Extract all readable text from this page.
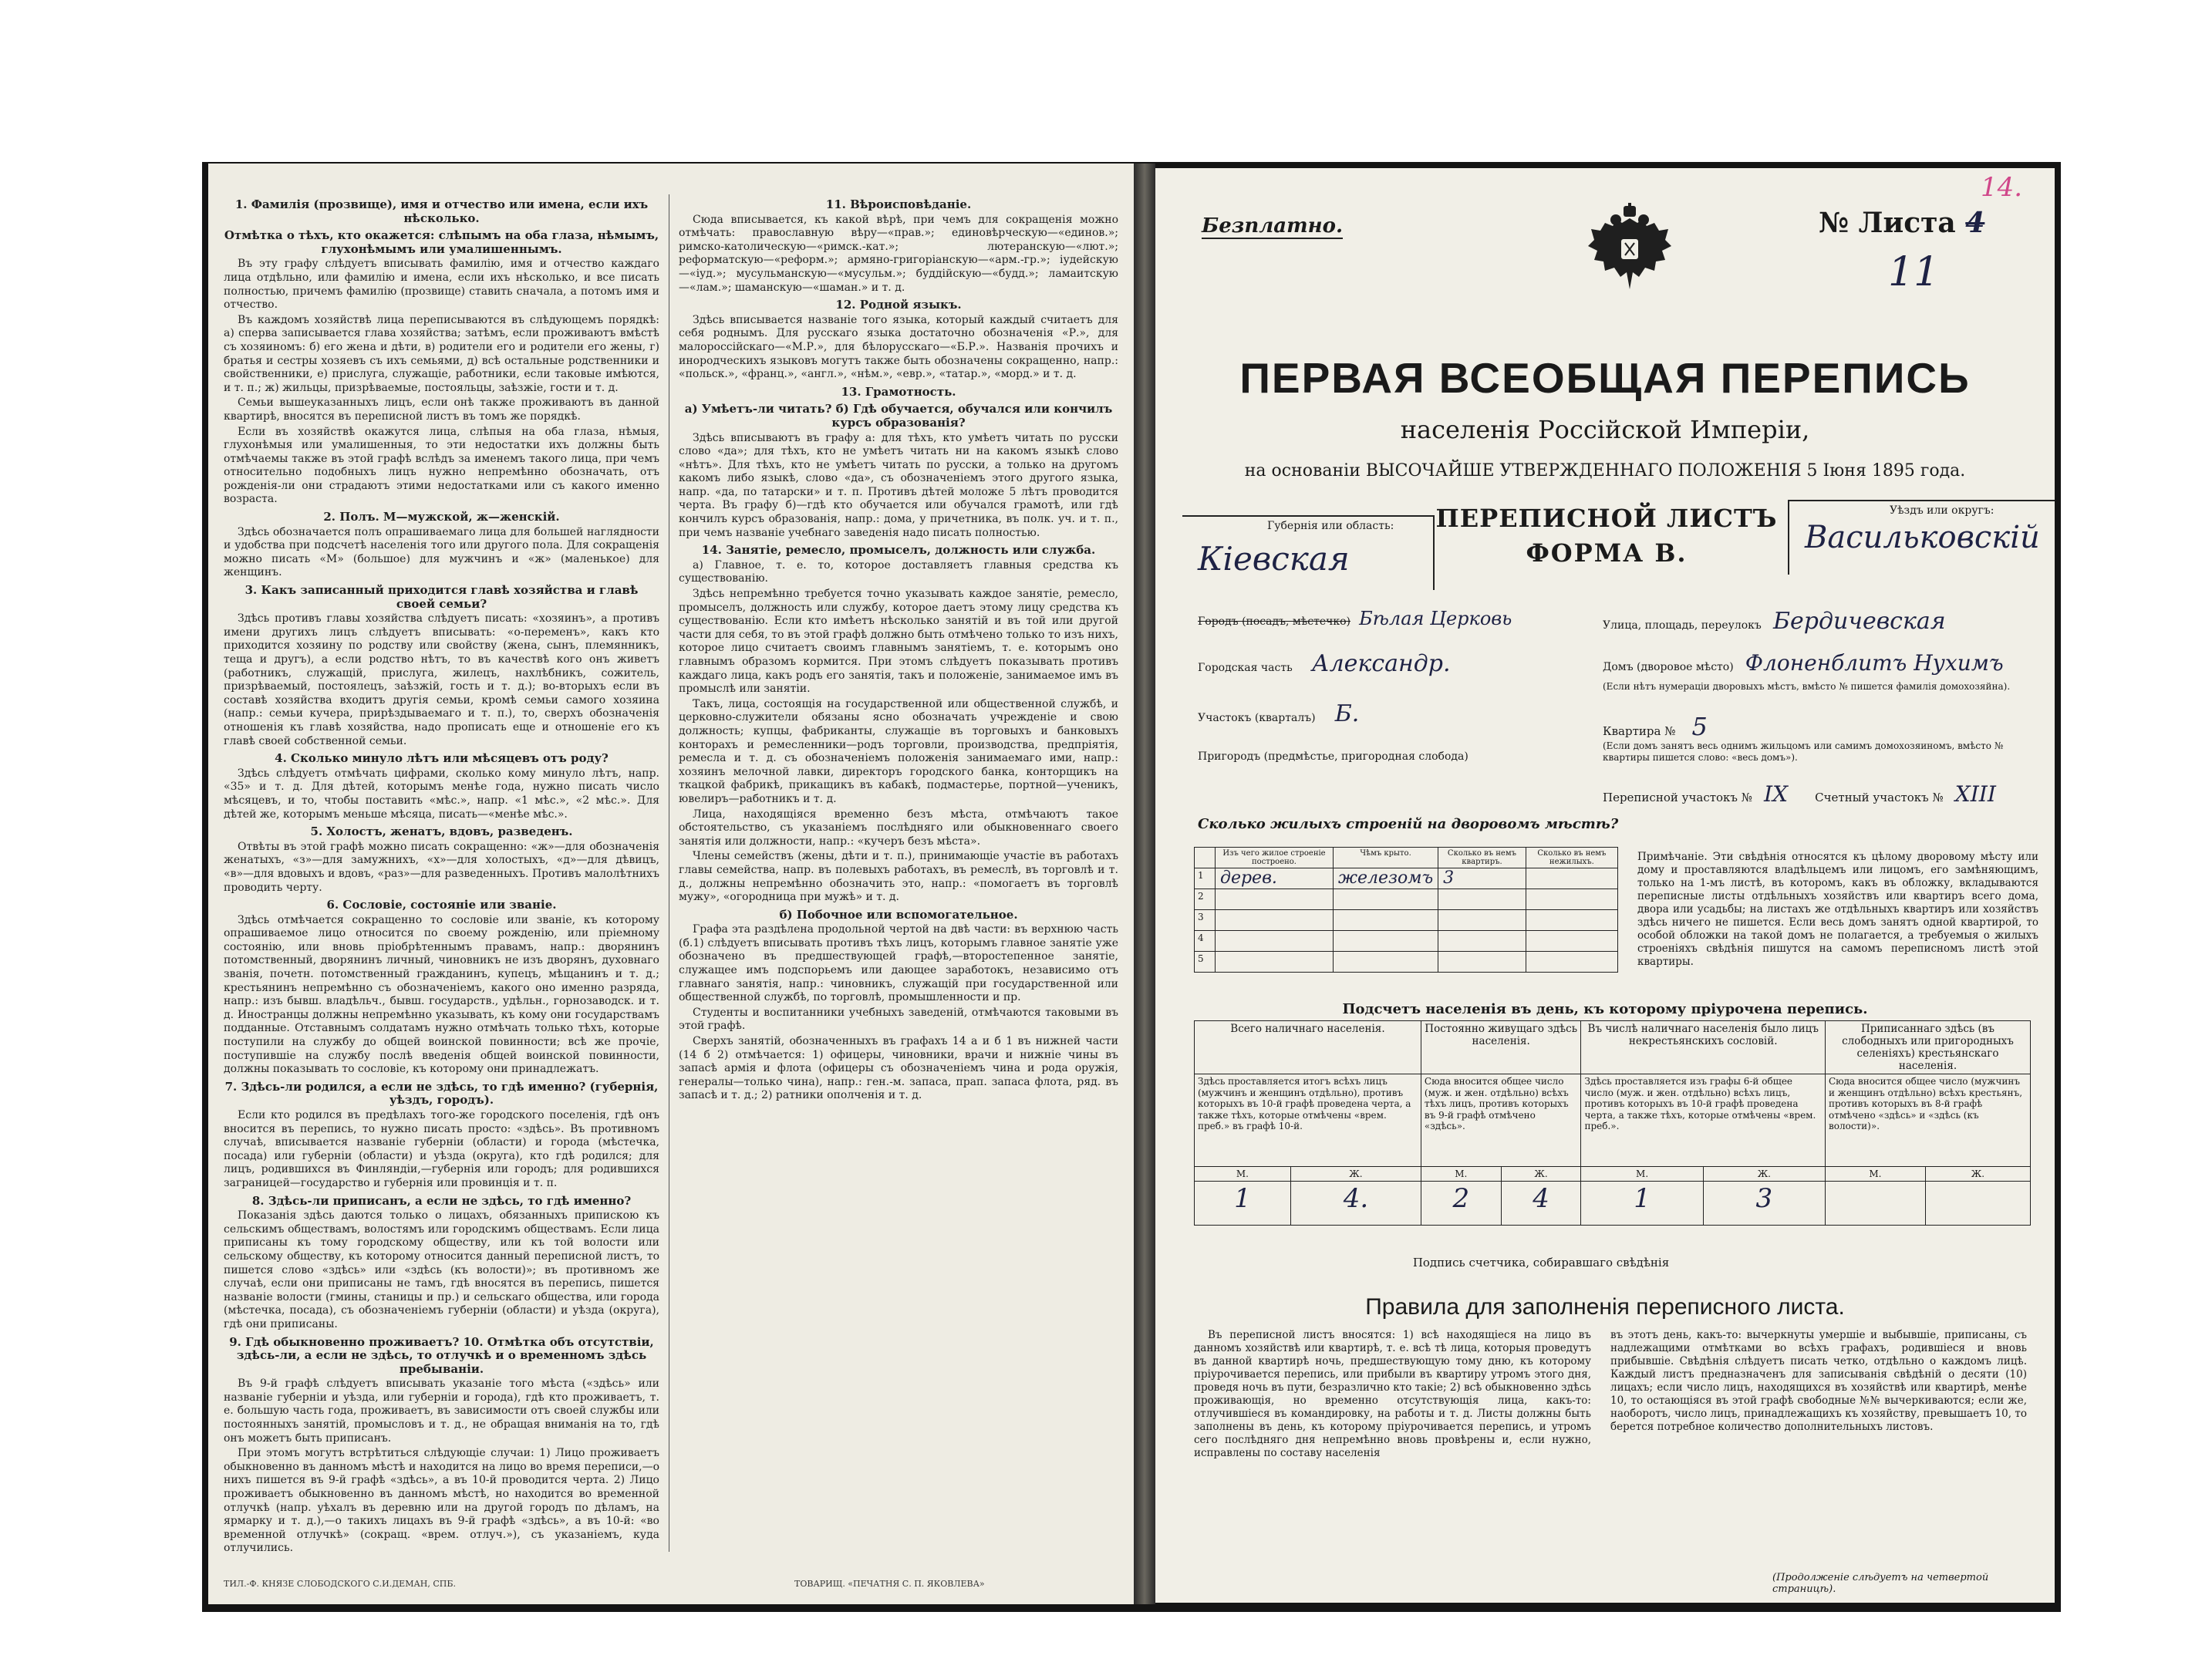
1. Фамилія (прозвище), имя и отчество или имена, если ихъ нѣсколько.
Отмѣтка о тѣхъ, кто окажется: слѣпымъ на оба глаза, нѣмымъ, глухонѣмымъ или умалишеннымъ.

Въ эту графу слѣдуетъ вписывать фамилію, имя и отчество каждаго лица отдѣльно, или фамилію и имена, если ихъ нѣсколько, и все писать полностью, причемъ фамилію (прозвище) ставить сначала, а потомъ имя и отчество.

Въ каждомъ хозяйствѣ лица переписываются въ слѣдующемъ порядкѣ: а) сперва записывается глава хозяйства; затѣмъ, если проживаютъ вмѣстѣ съ хозяиномъ: б) его жена и дѣти, в) родители его и родители его жены, г) братья и сестры хозяевъ съ ихъ семьями, д) всѣ остальные родственники и свойственники, е) прислуга, служащіе, работники, если таковые имѣются, и т. п.; ж) жильцы, призрѣваемые, постояльцы, заѣзжіе, гости и т. д.

Семьи вышеуказанныхъ лицъ, если онѣ также проживаютъ въ данной квартирѣ, вносятся въ переписной листъ въ томъ же порядкѣ.

Если въ хозяйствѣ окажутся лица, слѣпыя на оба глаза, нѣмыя, глухонѣмыя или умалишенныя, то эти недостатки ихъ должны быть отмѣчаемы также въ этой графѣ вслѣдъ за именемъ такого лица, при чемъ относительно подобныхъ лицъ нужно непремѣнно обозначать, отъ рожденія-ли они страдаютъ этими недостатками или съ какого именно возраста.

2. Полъ. М—мужской, ж—женскій.

Здѣсь обозначается полъ опрашиваемаго лица для большей наглядности и удобства при подсчетѣ населенія того или другого пола. Для сокращенія можно писать «М» (большое) для мужчинъ и «ж» (маленькое) для женщинъ.

3. Какъ записанный приходится главѣ хозяйства и главѣ своей семьи?

Здѣсь противъ главы хозяйства слѣдуетъ писать: «хозяинъ», а противъ имени другихъ лицъ слѣдуетъ вписывать: «о-переменъ», какъ кто приходится хозяину по родству или свойству (жена, сынъ, племянникъ, теща и другъ), а если родство нѣтъ, то въ качествѣ кого онъ живетъ (работникъ, служащій, прислуга, жилецъ, нахлѣбникъ, сожитель, призрѣваемый, постоялецъ, заѣзжій, гость и т. д.); во-вторыхъ если въ составѣ хозяйства входитъ другія семьи, кромѣ семьи самого хозяина (напр.: семьи кучера, прирѣздываемаго и т. п.), то, сверхъ обозначенія отношенія къ главѣ хозяйства, надо прописать еще и отношеніе его къ главѣ своей собственной семьи.

4. Сколько минуло лѣтъ или мѣсяцевъ отъ роду?

Здѣсь слѣдуетъ отмѣчать цифрами, сколько кому минуло лѣтъ, напр. «35» и т. д. Для дѣтей, которымъ менѣе года, нужно писать число мѣсяцевъ, и то, чтобы поставить «мѣс.», напр. «1 мѣс.», «2 мѣс.». Для дѣтей же, которымъ меньше мѣсяца, писать—«менѣе мѣс.».

5. Холостъ, женатъ, вдовъ, разведенъ.

Отвѣты въ этой графѣ можно писать сокращенно: «ж»—для обозначенія женатыхъ, «з»—для замужнихъ, «х»—для холостыхъ, «д»—для дѣвицъ, «в»—для вдовыхъ и вдовъ, «раз»—для разведенныхъ. Противъ малолѣтнихъ проводить черту.

6. Сословіе, состояніе или званіе.

Здѣсь отмѣчается сокращенно то сословіе или званіе, къ которому опрашиваемое лицо относится по своему рожденію, или пріемному состоянію, или вновь пріобрѣтеннымъ правамъ, напр.: дворянинъ потомственный, дворянинъ личный, чиновникъ не изъ дворянъ, духовнаго званія, почетн. потомственный гражданинъ, купецъ, мѣщанинъ и т. д.; крестьянинъ непремѣнно съ обозначеніемъ, какого оно именно разряда, напр.: изъ бывш. владѣльч., бывш. государств., удѣльн., горнозаводск. и т. д. Иностранцы должны непремѣнно указывать, къ кому они государствамъ подданные. Отставнымъ солдатамъ нужно отмѣчать только тѣхъ, которые поступили на службу до общей воинской повинности; всѣ же прочіе, поступившіе на службу послѣ введенія общей воинской повинности, должны показывать то сословіе, къ которому они принадлежатъ.

7. Здѣсь-ли родился, а если не здѣсь, то гдѣ именно? (губернія, уѣздъ, городъ).

Если кто родился въ предѣлахъ того-же городского поселенія, гдѣ онъ вносится въ перепись, то нужно писать просто: «здѣсь». Въ противномъ случаѣ, вписывается названіе губерніи (области) и города (мѣстечка, посада) или губерніи (области) и уѣзда (округа), кто гдѣ родился; для лицъ, родившихся въ Финляндіи,—губернія или городъ; для родившихся заграницей—государство и губернія или провинція и т. п.

8. Здѣсь-ли приписанъ, а если не здѣсь, то гдѣ именно?

Показанія здѣсь даются только о лицахъ, обязанныхъ припискою къ сельскимъ обществамъ, волостямъ или городскимъ обществамъ. Если лица приписаны къ тому городскому обществу, или къ той волости или сельскому обществу, къ которому относится данный переписной листъ, то пишется слово «здѣсь» или «здѣсь (къ волости)»; въ противномъ же случаѣ, если они приписаны не тамъ, гдѣ вносятся въ перепись, пишется названіе волости (гмины, станицы и пр.) и сельскаго общества, или города (мѣстечка, посада), съ обозначеніемъ губерніи (области) и уѣзда (округа), гдѣ они приписаны.

9. Гдѣ обыкновенно проживаетъ? 10. Отмѣтка объ отсутствіи, здѣсь-ли, а если не здѣсь, то отлучкѣ и о временномъ здѣсь пребываніи.

Въ 9-й графѣ слѣдуетъ вписывать указаніе того мѣста («здѣсь» или названіе губерніи и уѣзда, или губерніи и города), гдѣ кто проживаетъ, т. е. большую часть года, проживаетъ, въ зависимости отъ своей службы или постоянныхъ занятій, промысловъ и т. д., не обращая вниманія на то, гдѣ онъ можетъ быть приписанъ.

При этомъ могутъ встрѣтиться слѣдующіе случаи: 1) Лицо проживаетъ обыкновенно въ данномъ мѣстѣ и находится на лицо во время переписи,—о нихъ пишется въ 9-й графѣ «здѣсь», а въ 10-й проводится черта. 2) Лицо проживаетъ обыкновенно въ данномъ мѣстѣ, но находится во временной отлучкѣ (напр. уѣхалъ въ деревню или на другой городъ по дѣламъ, на ярмарку и т. д.),—о такихъ лицахъ въ 9-й графѣ «здѣсь», а въ 10-й: «во временной отлучкѣ» (сокращ. «врем. отлуч.»), съ указаніемъ, куда отлучились.

11. Вѣроисповѣданіе.

Сюда вписывается, къ какой вѣрѣ, при чемъ для сокращенія можно отмѣчать: православную вѣру—«прав.»; единовѣрческую—«единов.»; римско-католическую—«римск.-кат.»; лютеранскую—«лют.»; реформатскую—«реформ.»; армяно-григоріанскую—«арм.-гр.»; іудейскую—«іуд.»; мусульманскую—«мусульм.»; буддійскую—«будд.»; ламаитскую—«лам.»; шаманскую—«шаман.» и т. д.

12. Родной языкъ.

Здѣсь вписывается названіе того языка, который каждый считаетъ для себя роднымъ. Для русскаго языка достаточно обозначенія «Р.», для малороссійскаго—«М.Р.», для бѣлорусскаго—«Б.Р.». Названія прочихъ и инородческихъ языковъ могутъ также быть обозначены сокращенно, напр.: «польск.», «франц.», «англ.», «нѣм.», «евр.», «татар.», «морд.» и т. д.

13. Грамотность.
а) Умѣетъ-ли читать? б) Гдѣ обучается, обучался или кончилъ курсъ образованія?

Здѣсь вписываютъ въ графу а: для тѣхъ, кто умѣетъ читать по русски слово «да»; для тѣхъ, кто не умѣетъ читать ни на какомъ языкѣ слово «нѣтъ». Для тѣхъ, кто не умѣетъ читать по русски, а только на другомъ какомъ либо языкѣ, слово «да», съ обозначеніемъ этого другого языка, напр. «да, по татарски» и т. п. Противъ дѣтей моложе 5 лѣтъ проводится черта. Въ графу б)—гдѣ кто обучается или обучался грамотѣ, или гдѣ кончилъ курсъ образованія, напр.: дома, у причетника, въ полк. уч. и т. п., при чемъ названіе учебнаго заведенія надо писать полностью.

14. Занятіе, ремесло, промыселъ, должность или служба.

а) Главное, т. е. то, которое доставляетъ главныя средства къ существованію.

Здѣсь непремѣнно требуется точно указывать каждое занятіе, ремесло, промыселъ, должность или службу, которое даетъ этому лицу средства къ существованію. Если кто имѣетъ нѣсколько занятій и въ той или другой части для себя, то въ этой графѣ должно быть отмѣчено только то изъ нихъ, которое лицо считаетъ своимъ главнымъ занятіемъ, т. е. которымъ оно главнымъ образомъ кормится. При этомъ слѣдуетъ показывать противъ каждаго лица, какъ родъ его занятія, такъ и положеніе, занимаемое имъ въ промыслѣ или занятіи.

Такъ, лица, состоящія на государственной или общественной службѣ, и церковно-служители обязаны ясно обозначать учрежденіе и свою должность; купцы, фабриканты, служащіе въ торговыхъ и банковыхъ конторахъ и ремесленники—родъ торговли, производства, предпріятія, ремесла и т. д. съ обозначеніемъ положенія занимаемаго ими, напр.: хозяинъ мелочной лавки, директоръ городского банка, конторщикъ на ткацкой фабрикѣ, прикащикъ въ кабакѣ, подмастерье, портной—ученикъ, ювелиръ—работникъ и т. д.

Лица, находящіяся временно безъ мѣста, отмѣчаютъ такое обстоятельство, съ указаніемъ послѣдняго или обыкновеннаго своего занятія или должности, напр.: «кучеръ безъ мѣста».

Члены семействъ (жены, дѣти и т. п.), принимающіе участіе въ работахъ главы семейства, напр. въ полевыхъ работахъ, въ ремеслѣ, въ торговлѣ и т. д., должны непремѣнно обозначить это, напр.: «помогаетъ въ торговлѣ мужу», «огородница при мужѣ» и т. д.

б) Побочное или вспомогательное.

Графа эта раздѣлена продольной чертой на двѣ части: въ верхнюю часть (б.1) слѣдуетъ вписывать противъ тѣхъ лицъ, которымъ главное занятіе уже обозначено въ предшествующей графѣ,—второстепенное занятіе, служащее имъ подспорьемъ или дающее заработокъ, независимо отъ главнаго занятія, напр.: чиновникъ, служащій при государственной или общественной службѣ, по торговлѣ, промышленности и пр.

Студенты и воспитанники учебныхъ заведеній, отмѣчаются таковыми въ этой графѣ.

Сверхъ занятій, обозначенныхъ въ графахъ 14 а и б 1 въ нижней части (14 б 2) отмѣчается: 1) офицеры, чиновники, врачи и нижніе чины въ запасѣ армія и флота (офицеры съ обозначеніемъ чина и рода оружія, генералы—только чина), напр.: ген.-м. запаса, прап. запаса флота, ряд. въ запасѣ и т. д.; 2) ратники ополченія и т. д.

ТИЛ.-Ф. КНЯЗЕ СЛОБОДСКОГО С.И.ДЕМАН, СПБ.	ТОВАРИЩ. «ПЕЧАТНЯ С. П. ЯКОВЛЕВА»
Безплатно.	№ Листа 4
11
14.
ПЕРВАЯ ВСЕОБЩАЯ ПЕРЕПИСЬ
населенія Россійской Имперіи,
на основаніи ВЫСОЧАЙШЕ УТВЕРЖДЕННАГО ПОЛОЖЕНІЯ 5 Іюня 1895 года.
ПЕРЕПИСНОЙ ЛИСТЪ
ФОРМА В.
Губернія или область:
Кіевская
Уѣздъ или округъ:
Васильковскій
Городъ (посадъ, мѣстечко) Бѣлая Церковь
Городская часть Александр.
Участокъ (кварталъ) Б.
Пригородъ (предмѣстье, пригородная слобода)
Улица, площадь, переулокъ Бердичевская
Домъ (дворовое мѣсто) Флоненблитъ Нухимъ
(Если нѣтъ нумераціи дворовыхъ мѣстъ, вмѣсто № пишется фамилія домохозяйна).
Квартира № 5
(Если домъ занятъ весь однимъ жильцомъ или самимъ домохозяиномъ, вмѣсто № квартиры пишется слово: «весь домъ»).
Переписной участокъ № IX Счетный участокъ № XIII
Сколько жилыхъ строеній на дворовомъ мѣстѣ?
	Изъ чего жилое строеніе построено.	Чѣмъ крыто.	Сколько въ немъ квартиръ.	Сколько въ немъ нежилыхъ.
1	дерев.	железомъ	3	
2				
3				
4				
5				
Примѣчаніе. Эти свѣдѣнія относятся къ цѣлому дворовому мѣсту или дому и проставляются владѣльцемъ или лицомъ, его замѣняющимъ, только на 1-мъ листѣ, въ которомъ, какъ въ обложку, вкладываются переписные листы отдѣльныхъ хозяйствъ или квартиръ всего дома, двора или усадьбы; на листахъ же отдѣльныхъ квартиръ или хозяйствъ здѣсь ничего не пишется. Если весь домъ занятъ одной квартирой, то особой обложки на такой домъ не полагается, а требуемыя о жилыхъ строеніяхъ свѣдѣнія пишутся на самомъ переписномъ листѣ этой квартиры.
Подсчетъ населенія въ день, къ которому пріурочена перепись.
Всего наличнаго населенія.		Постоянно живущаго здѣсь населенія.		Въ числѣ наличнаго населенія было лицъ некрестьянскихъ сословій.		Приписаннаго здѣсь (въ слободныхъ или пригородныхъ селеніяхъ) крестьянскаго населенія.	
Здѣсь проставляется итогъ всѣхъ лицъ (мужчинъ и женщинъ отдѣльно), противъ которыхъ въ 10-й графѣ проведена черта, а также тѣхъ, которые отмѣчены «врем. преб.» въ графѣ 10-й.		Сюда вносится общее число (муж. и жен. отдѣльно) всѣхъ тѣхъ лицъ, противъ которыхъ въ 9-й графѣ отмѣчено «здѣсь».		Здѣсь проставляется изъ графы 6-й общее число (муж. и жен. отдѣльно) всѣхъ лицъ, противъ которыхъ въ 10-й графѣ проведена черта, а также тѣхъ, которые отмѣчены «врем. преб.».		Сюда вносится общее число (мужчинъ и женщинъ отдѣльно) всѣхъ крестьянъ, противъ которыхъ въ 8-й графѣ отмѣчено «здѣсь» и «здѣсь (къ волости)».	
М.	Ж.	М.	Ж.	М.	Ж.	М.	Ж.
1	4.	2	4	1	3		
Подпись счетчика, собиравшаго свѣдѣнія
Правила для заполненія переписного листа.
Въ переписной листъ вносятся: 1) всѣ находящіеся на лицо въ данномъ хозяйствѣ или квартирѣ, т. е. всѣ тѣ лица, которыя проведутъ въ данной квартирѣ ночь, предшествующую тому дню, къ которому пріурочивается перепись, или прибыли въ квартиру утромъ этого дня, проведя ночь въ пути, безразлично кто такіе; 2) всѣ обыкновенно здѣсь проживающія, но временно отсутствующія лица, какъ-то: отлучившіеся въ командировку, на работы и т. д. Листы должны быть заполнены въ день, къ которому пріурочивается перепись, и утромъ сего послѣдняго дня непремѣнно вновь провѣрены и, если нужно, исправлены по составу населенія
въ этотъ день, какъ-то: вычеркнуты умершіе и выбывшіе, приписаны, съ надлежащими отмѣтками во всѣхъ графахъ, родившіеся и вновь прибывшіе. Свѣдѣнія слѣдуетъ писать четко, отдѣльно о каждомъ лицѣ. Каждый листъ предназначенъ для записыванія свѣдѣній о десяти (10) лицахъ; если число лицъ, находящихся въ хозяйствѣ или квартирѣ, менѣе 10, то остающіяся въ этой графѣ свободные №№ вычеркиваются; если же, наоборотъ, число лицъ, принадлежащихъ къ хозяйству, превышаетъ 10, то берется потребное количество дополнительныхъ листовъ.
(Продолженіе слѣдуетъ на четвертой страницѣ).
